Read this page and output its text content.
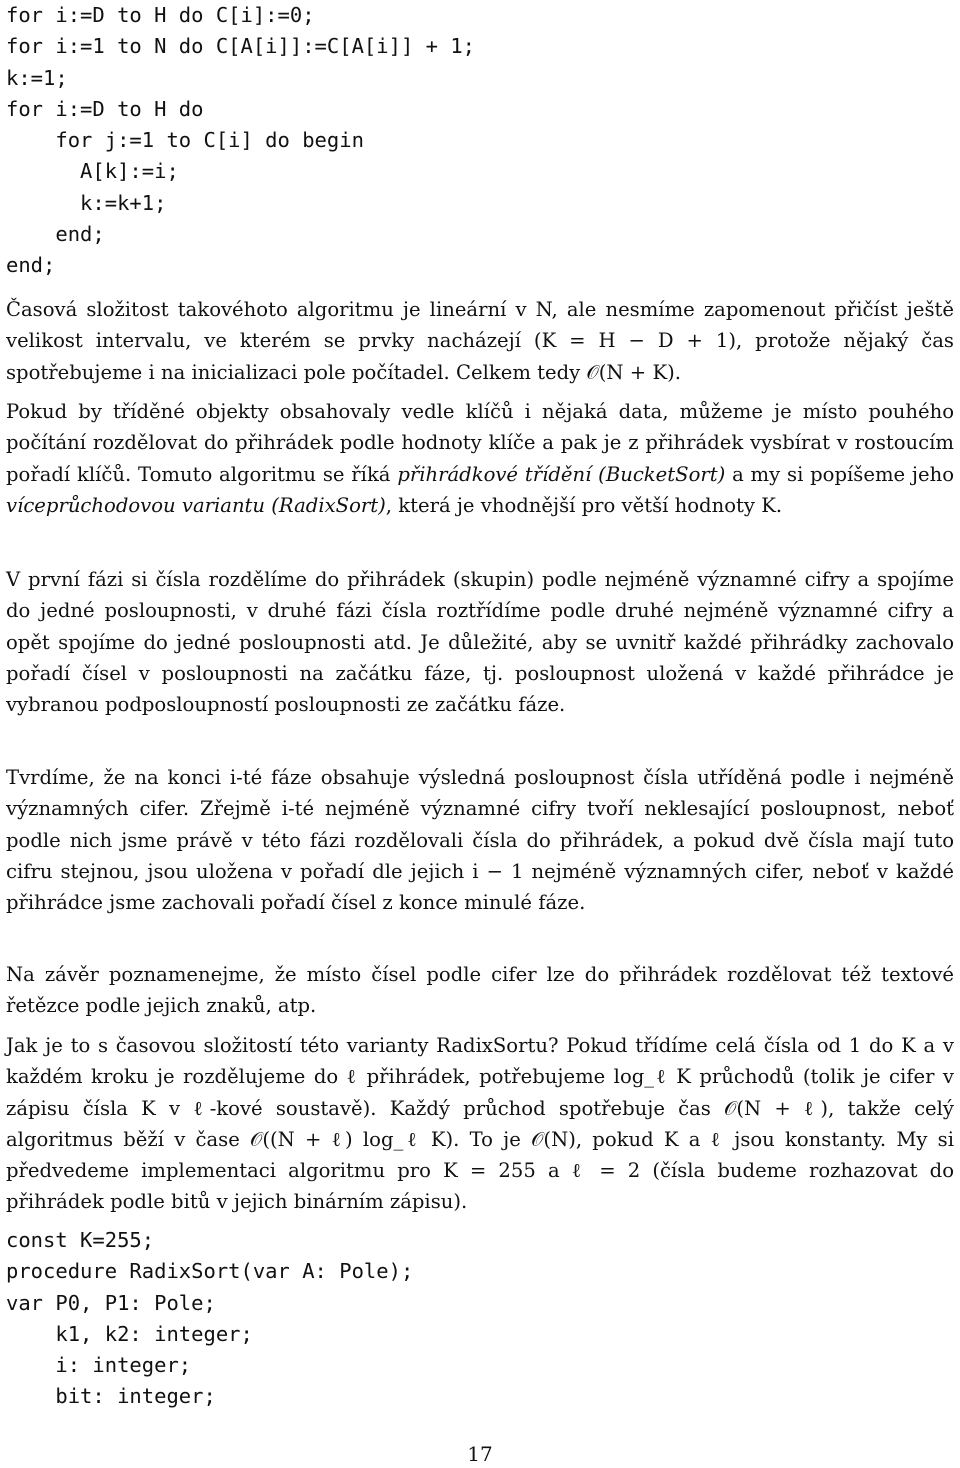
for i:=D to H do C[i]:=0;
for i:=1 to N do C[A[i]]:=C[A[i]] + 1;
k:=1;
for i:=D to H do
for j:=1 to C[i] do begin
A[k]:=i;
k:=k+1;
end;
end;

Časová složitost takovéhoto algoritmu je lineární v N, ale nesmíme zapomenout přičíst ještě velikost intervalu, ve kterém se prvky nacházejí (K = H − D + 1), protože nějaký čas spotřebujeme i na inicializaci pole počítadel. Celkem tedy 𝒪(N + K).

Pokud by tříděné objekty obsahovaly vedle klíčů i nějaká data, můžeme je místo pouhého počítání rozdělovat do přihrádek podle hodnoty klíče a pak je z přihrádek vysbírat v rostoucím pořadí klíčů. Tomuto algoritmu se říká přihrádkové třídění (BucketSort) a my si popíšeme jeho víceprůchodovou variantu (RadixSort), která je vhodnější pro větší hodnoty K.

V první fázi si čísla rozdělíme do přihrádek (skupin) podle nejméně významné cifry a spojíme do jedné posloupnosti, v druhé fázi čísla roztřídíme podle druhé nejméně významné cifry a opět spojíme do jedné posloupnosti atd. Je důležité, aby se uvnitř každé přihrádky zachovalo pořadí čísel v posloupnosti na začátku fáze, tj. posloupnost uložená v každé přihrádce je vybranou podposloupností posloupnosti ze začátku fáze.

Tvrdíme, že na konci i-té fáze obsahuje výsledná posloupnost čísla utříděná podle i nejméně významných cifer. Zřejmě i-té nejméně významné cifry tvoří neklesající posloupnost, neboť podle nich jsme právě v této fázi rozdělovali čísla do přihrádek, a pokud dvě čísla mají tuto cifru stejnou, jsou uložena v pořadí dle jejich i − 1 nejméně významných cifer, neboť v každé přihrádce jsme zachovali pořadí čísel z konce minulé fáze.

Na závěr poznamenejme, že místo čísel podle cifer lze do přihrádek rozdělovat též textové řetězce podle jejich znaků, atp.

Jak je to s časovou složitostí této varianty RadixSortu? Pokud třídíme celá čísla od 1 do K a v každém kroku je rozdělujeme do ℓ přihrádek, potřebujeme log_ℓ K průchodů (tolik je cifer v zápisu čísla K v ℓ-kové soustavě). Každý průchod spotřebuje čas 𝒪(N + ℓ), takže celý algoritmus běží v čase 𝒪((N + ℓ) log_ℓ K). To je 𝒪(N), pokud K a ℓ jsou konstanty. My si předvedeme implementaci algoritmu pro K = 255 a ℓ = 2 (čísla budeme rozhazovat do přihrádek podle bitů v jejich binárním zápisu).

const K=255;
procedure RadixSort(var A: Pole);
var P0, P1: Pole;
k1, k2: integer;
i: integer;
bit: integer;
17
